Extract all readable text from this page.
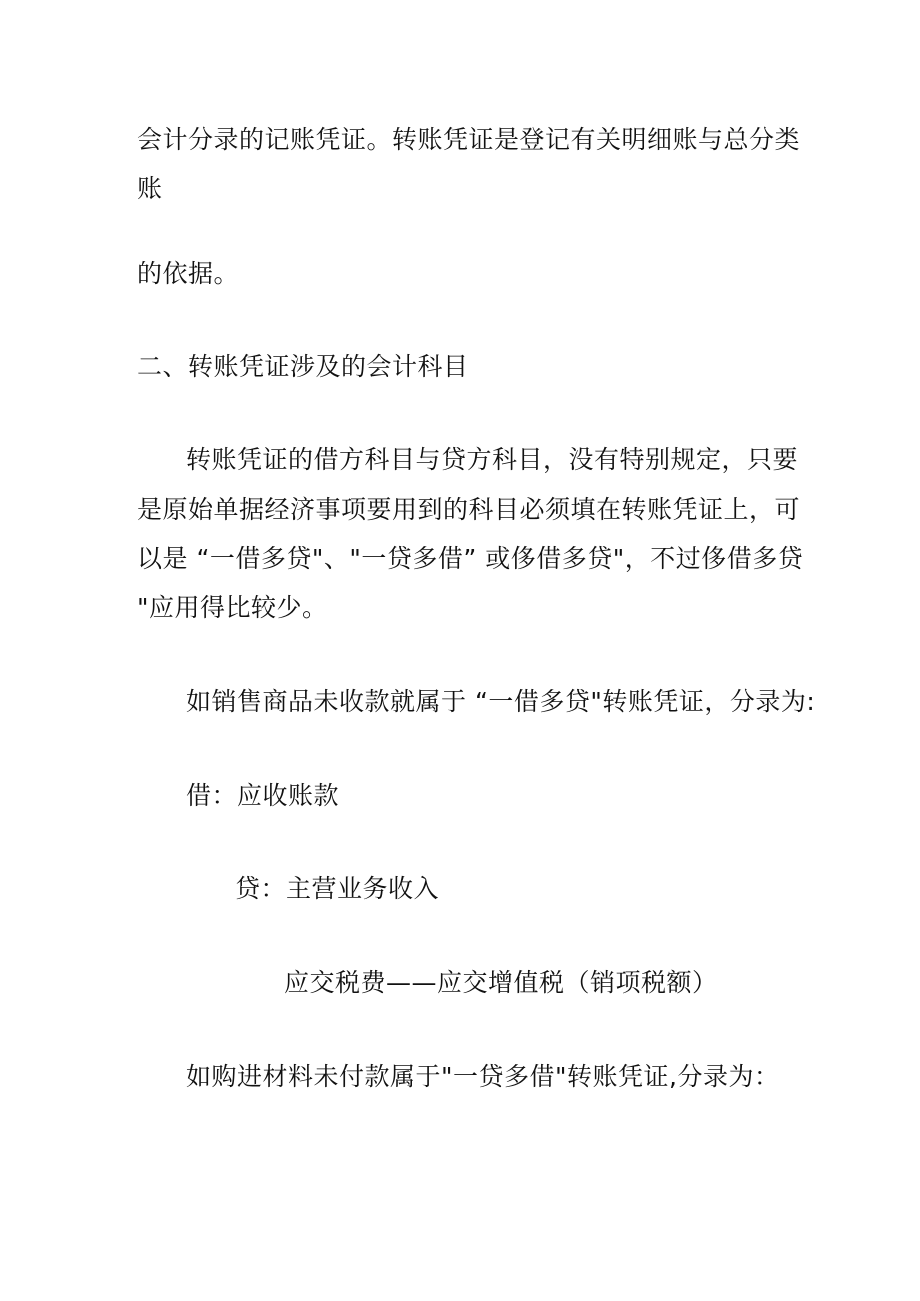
会计分录的记账凭证。转账凭证是登记有关明细账与总分类

账

的依据。

二、转账凭证涉及的会计科目

转账凭证的借方科目与贷方科目，没有特别规定，只要

是原始单据经济事项要用到的科目必须填在转账凭证上，可

以是 “一借多贷"、"一贷多借” 或侈借多贷"，不过侈借多贷

"应用得比较少。

如销售商品未收款就属于 “一借多贷"转账凭证，分录为:

借：应收账款

贷：主营业务收入

应交税费——应交增值税（销项税额）

如购进材料未付款属于"一贷多借"转账凭证,分录为：
